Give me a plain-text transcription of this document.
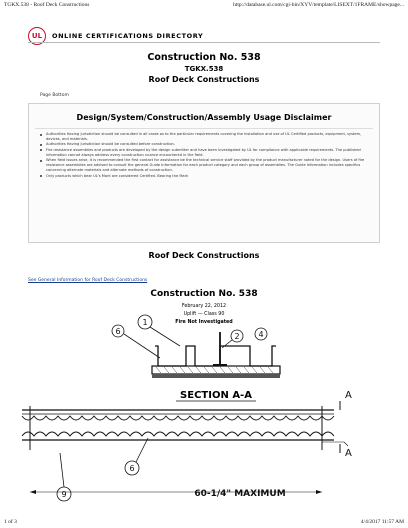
TGKX.538 - Roof Deck Constructions	http://database.ul.com/cgi-bin/XYV/template/LISEXT/1FRAME/showpage...
UL	ONLINE CERTIFICATIONS DIRECTORY
Construction No. 538
TGKX.538
Roof Deck Constructions
Page Bottom
Design/System/Construction/Assembly Usage Disclaimer
Authorities Having Jurisdiction should be consulted in all cases as to the particular requirements covering the installation and use of UL Certified products, equipment, system, devices, and materials.
Authorities Having Jurisdiction should be consulted before construction.
Fire resistance assemblies and products are developed by the design submitter and have been investigated by UL for compliance with applicable requirements. The published information cannot always address every construction nuance encountered in the field.
When field issues arise, it is recommended the first contact for assistance be the technical service staff provided by the product manufacturer noted for the design. Users of fire resistance assemblies are advised to consult the general Guide Information for each product category and each group of assemblies. The Guide Information includes specifics concerning alternate materials and alternate methods of construction.
Only products which bear UL's Mark are considered Certified. Bearing the Mark
Roof Deck Constructions
See General Information for Roof Deck Constructions
Construction No. 538
February 22, 2012
Uplift — Class 90
Fire Not Investigated
SECTION A-A	A
A
1
2 4
6
6
9	60-1/4" MAXIMUM
1 of 3	4/4/2017 11:57 AM
